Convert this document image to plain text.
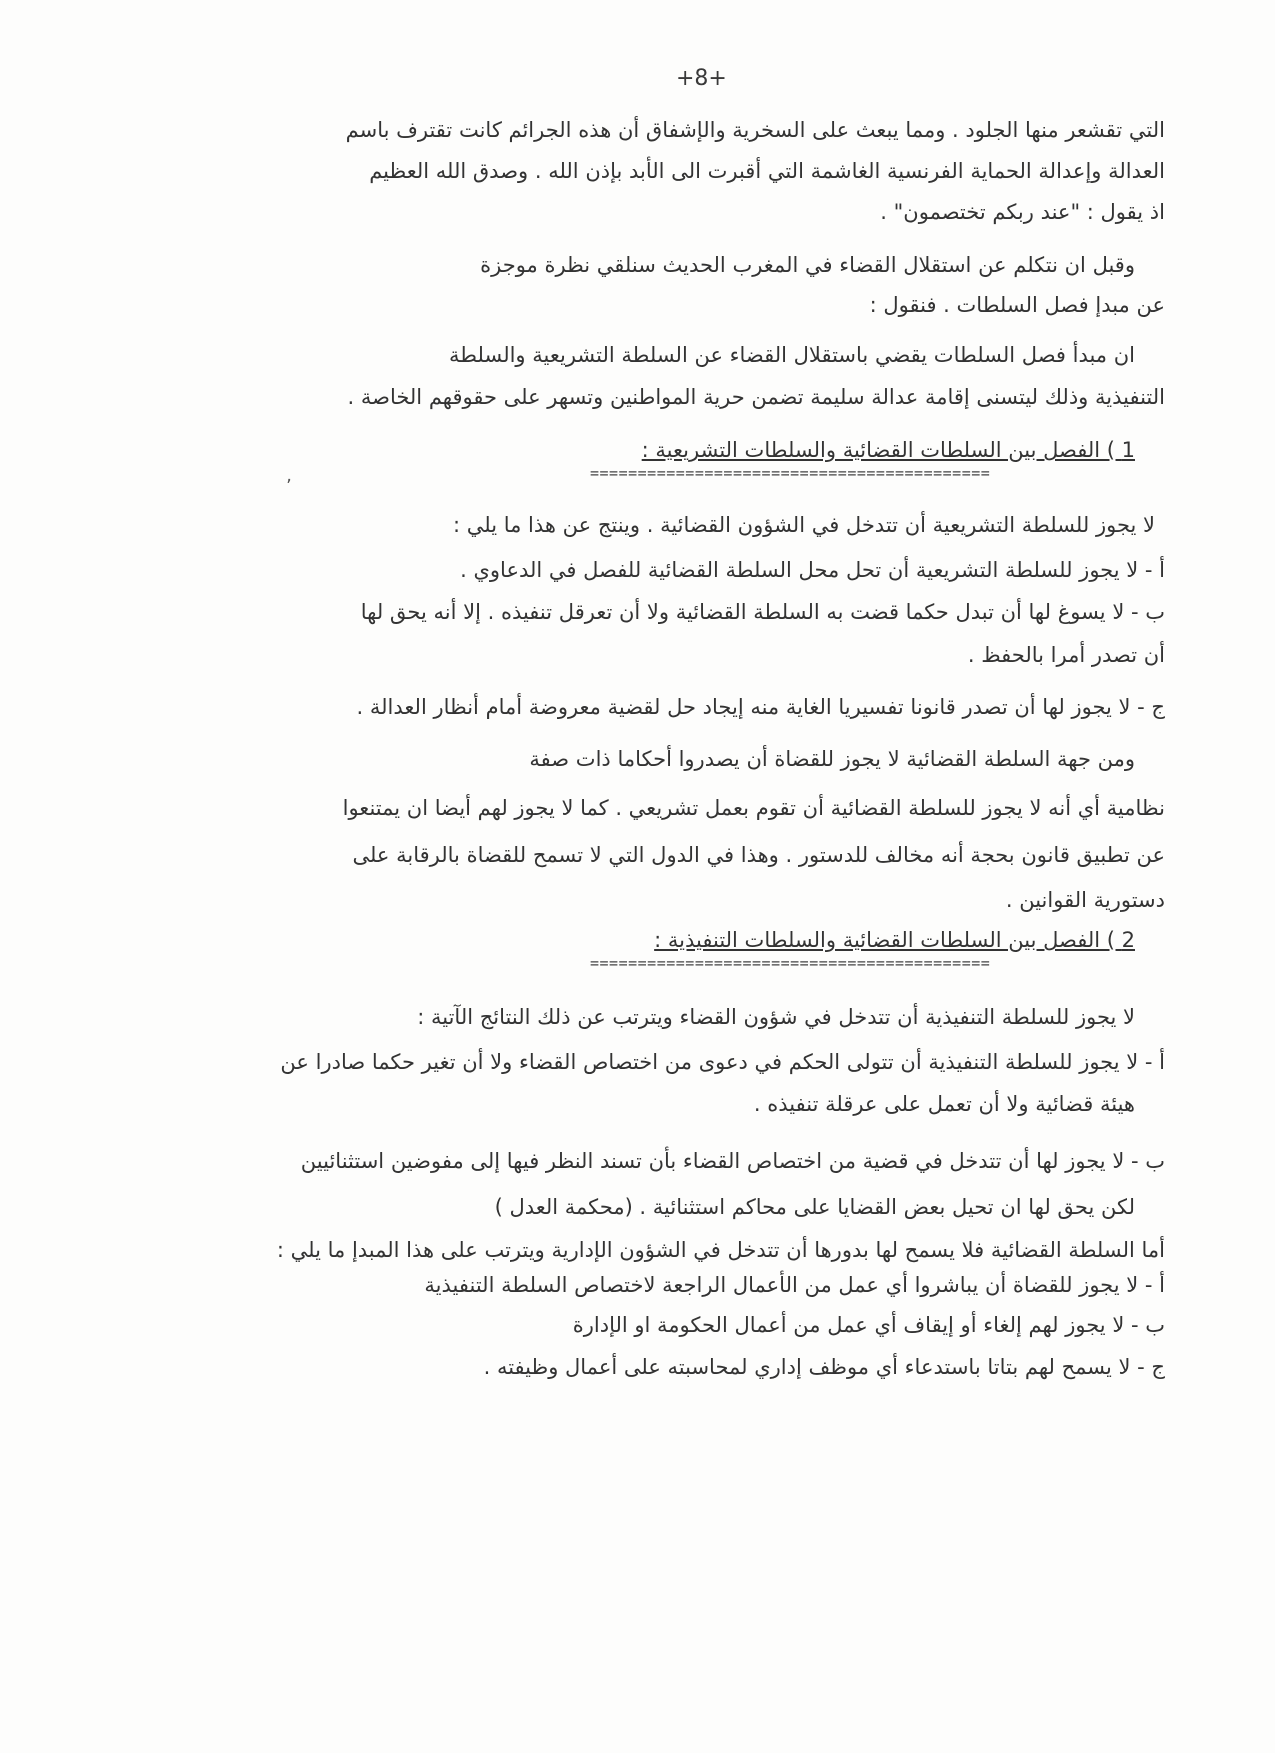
+8+
التي تقشعر منها الجلود . ومما يبعث على السخرية والإشفاق أن هذه الجرائم كانت تقترف باسم
العدالة وإعدالة الحماية الفرنسية الغاشمة التي أقبرت الى الأبد بإذن الله . وصدق الله العظيم
اذ يقول : "عند ربكم تختصمون" .
وقبل ان نتكلم عن استقلال القضاء في المغرب الحديث سنلقي نظرة موجزة
عن مبدإ فصل السلطات . فنقول :
ان مبدأ فصل السلطات يقضي باستقلال القضاء عن السلطة التشريعية والسلطة
التنفيذية وذلك ليتسنى إقامة عدالة سليمة تضمن حرية المواطنين وتسهر على حقوقهم الخاصة .
1 ) الفصل بين السلطات القضائية والسلطات التشريعية :
==========================================
٬
لا يجوز للسلطة التشريعية أن تتدخل في الشؤون القضائية . وينتج عن هذا ما يلي :
أ - لا يجوز للسلطة التشريعية أن تحل محل السلطة القضائية للفصل في الدعاوي .
ب - لا يسوغ لها أن تبدل حكما قضت به السلطة القضائية ولا أن تعرقل تنفيذه . إلا أنه يحق لها
أن تصدر أمرا بالحفظ .
ج - لا يجوز لها أن تصدر قانونا تفسيريا الغاية منه إيجاد حل لقضية معروضة أمام أنظار العدالة .
ومن جهة السلطة القضائية لا يجوز للقضاة أن يصدروا أحكاما ذات صفة
نظامية أي أنه لا يجوز للسلطة القضائية أن تقوم بعمل تشريعي . كما لا يجوز لهم أيضا ان يمتنعوا
عن تطبيق قانون بحجة أنه مخالف للدستور . وهذا في الدول التي لا تسمح للقضاة بالرقابة على
دستورية القوانين .
2 ) الفصل بين السلطات القضائية والسلطات التنفيذية :
==========================================
لا يجوز للسلطة التنفيذية أن تتدخل في شؤون القضاء ويترتب عن ذلك النتائج الآتية :
أ - لا يجوز للسلطة التنفيذية أن تتولى الحكم في دعوى من اختصاص القضاء ولا أن تغير حكما صادرا عن
هيئة قضائية ولا أن تعمل على عرقلة تنفيذه .
ب - لا يجوز لها أن تتدخل في قضية من اختصاص القضاء بأن تسند النظر فيها إلى مفوضين استثنائيين
لكن يحق لها ان تحيل بعض القضايا على محاكم استثنائية . (محكمة العدل )
أما السلطة القضائية فلا يسمح لها بدورها أن تتدخل في الشؤون الإدارية ويترتب على هذا المبدإ ما يلي :
أ - لا يجوز للقضاة أن يباشروا أي عمل من الأعمال الراجعة لاختصاص السلطة التنفيذية
ب - لا يجوز لهم إلغاء أو إيقاف أي عمل من أعمال الحكومة او الإدارة
ج - لا يسمح لهم بتاتا باستدعاء أي موظف إداري لمحاسبته على أعمال وظيفته .
